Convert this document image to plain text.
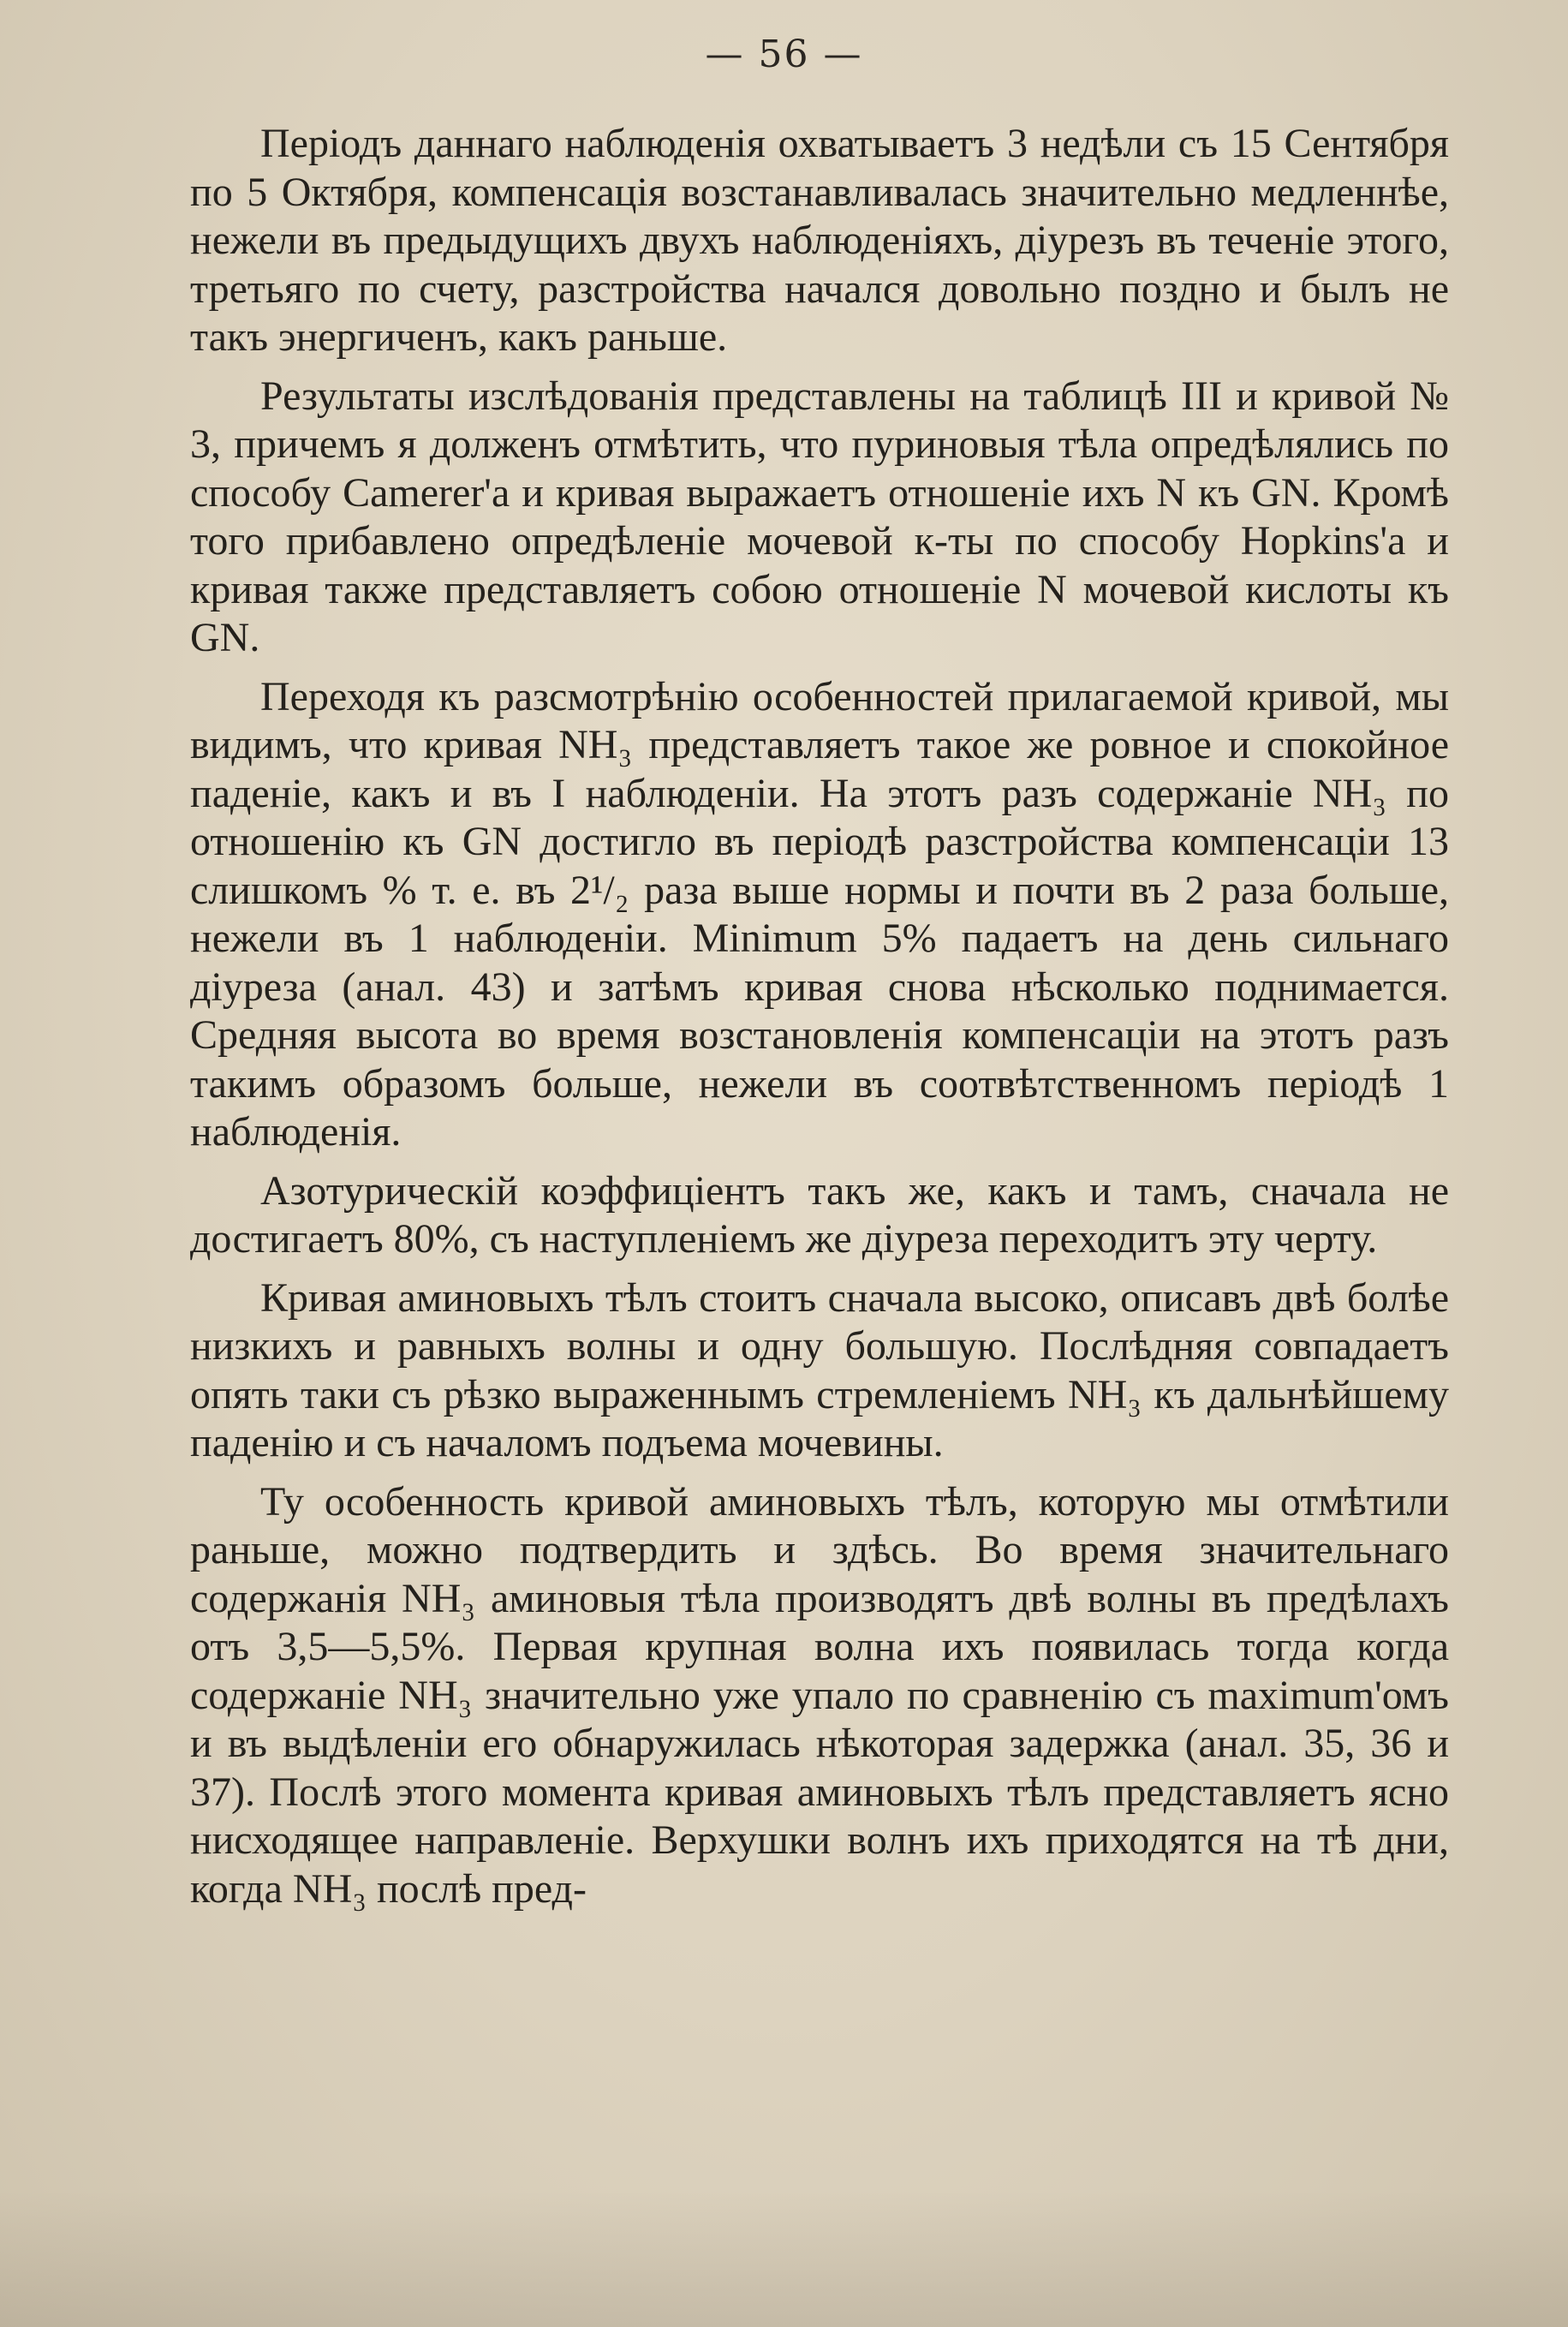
— 56 —

Періодъ даннаго наблюденія охватываетъ 3 недѣли съ 15 Сентября по 5 Октября, компенсація возстанавливалась значительно медленнѣе, нежели въ предыдущихъ двухъ наблюденіяхъ, діурезъ въ теченіе этого, третьяго по счету, разстройства начался довольно поздно и былъ не такъ энергиченъ, какъ раньше.

Результаты изслѣдованія представлены на таблицѣ III и кривой № 3, причемъ я долженъ отмѣтить, что пуриновыя тѣла опредѣлялись по способу Camerer'а и кривая выражаетъ отношеніе ихъ N къ GN. Кромѣ того прибавлено опредѣленіе мочевой к-ты по способу Hopkins'а и кривая также представляетъ собою отношеніе N мочевой кислоты къ GN.

Переходя къ разсмотрѣнію особенностей прилагаемой кривой, мы видимъ, что кривая NH₃ представляетъ такое же ровное и спокойное паденіе, какъ и въ I наблюденіи. На этотъ разъ содержаніе NH₃ по отношенію къ GN достигло въ періодѣ разстройства компенсаціи 13 слишкомъ % т. е. въ 2¹/₂ раза выше нормы и почти въ 2 раза больше, нежели въ 1 наблюденіи. Minimum 5% падаетъ на день сильнаго діуреза (анал. 43) и затѣмъ кривая снова нѣсколько поднимается. Средняя высота во время возстановленія компенсаціи на этотъ разъ такимъ образомъ больше, нежели въ соотвѣтственномъ періодѣ 1 наблюденія.

Азотурическій коэффиціентъ такъ же, какъ и тамъ, сначала не достигаетъ 80%, съ наступленіемъ же діуреза переходитъ эту черту.

Кривая аминовыхъ тѣлъ стоитъ сначала высоко, описавъ двѣ болѣе низкихъ и равныхъ волны и одну большую. Послѣдняя совпадаетъ опять таки съ рѣзко выраженнымъ стремленіемъ NH₃ къ дальнѣйшему паденію и съ началомъ подъема мочевины.

Ту особенность кривой аминовыхъ тѣлъ, которую мы отмѣтили раньше, можно подтвердить и здѣсь. Во время значительнаго содержанія NH₃ аминовыя тѣла производятъ двѣ волны въ предѣлахъ отъ 3,5—5,5%. Первая крупная волна ихъ появилась тогда когда содержаніе NH₃ значительно уже упало по сравненію съ maximum'омъ и въ выдѣленіи его обнаружилась нѣкоторая задержка (анал. 35, 36 и 37). Послѣ этого момента кривая аминовыхъ тѣлъ представляетъ ясно нисходящее направленіе. Верхушки волнъ ихъ приходятся на тѣ дни, когда NH₃ послѣ пред-
